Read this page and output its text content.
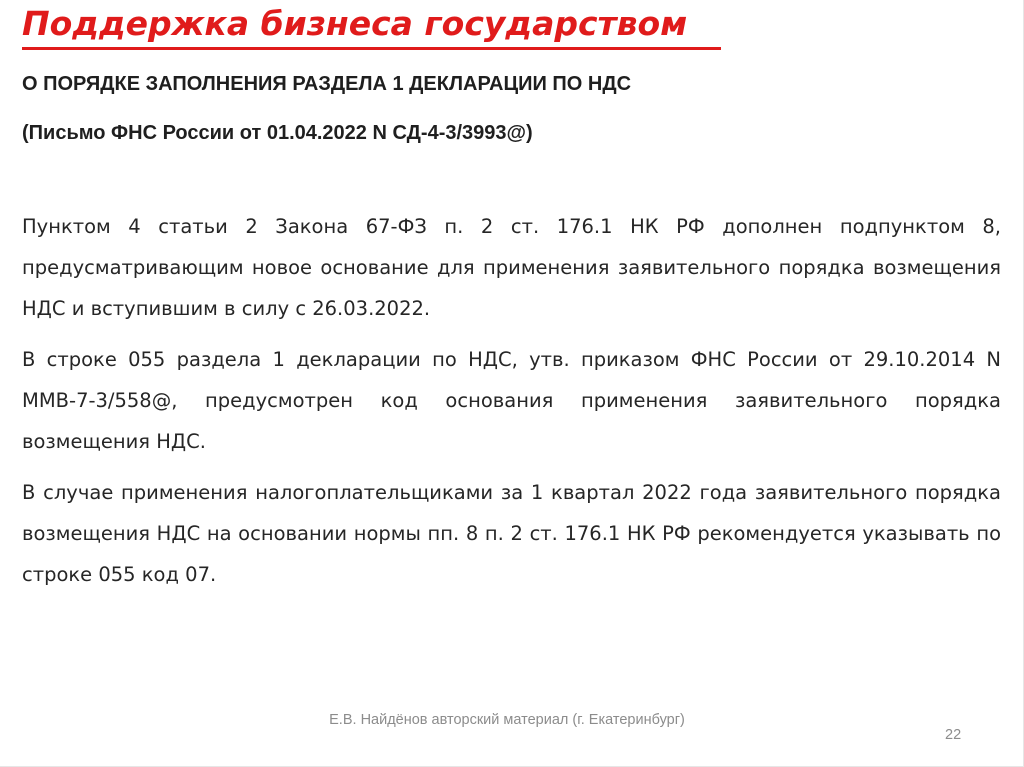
Поддержка бизнеса государством
О ПОРЯДКЕ ЗАПОЛНЕНИЯ РАЗДЕЛА 1 ДЕКЛАРАЦИИ ПО НДС
(Письмо ФНС России от 01.04.2022 N СД-4-3/3993@)

Пунктом 4 статьи 2 Закона 67-ФЗ п. 2 ст. 176.1 НК РФ дополнен подпунктом 8, предусматривающим новое основание для применения заявительного порядка возмещения НДС и вступившим в силу с 26.03.2022.

В строке 055 раздела 1 декларации по НДС, утв. приказом ФНС России от 29.10.2014 N ММВ-7-3/558@, предусмотрен код основания применения заявительного порядка возмещения НДС.

В случае применения налогоплательщиками за 1 квартал 2022 года заявительного порядка возмещения НДС на основании нормы пп. 8 п. 2 ст. 176.1 НК РФ рекомендуется указывать по строке 055 код 07.

Е.В. Найдёнов авторский материал (г. Екатеринбург)

22
